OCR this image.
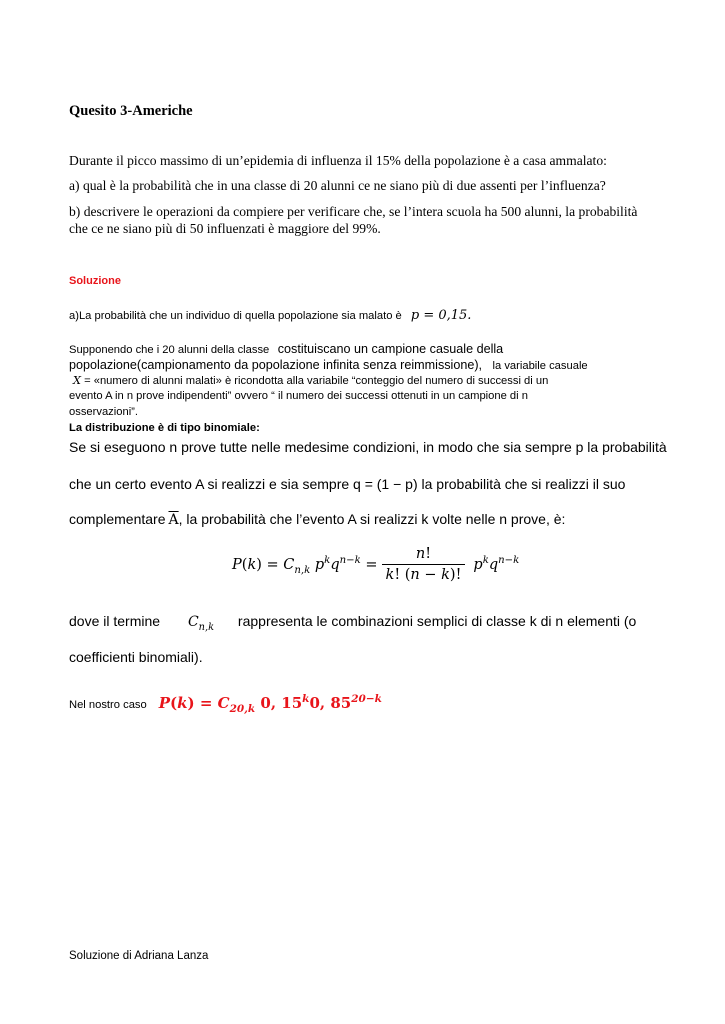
Quesito 3-Americhe
Durante il picco massimo di un’epidemia di influenza il 15% della popolazione è a casa ammalato:
a) qual è la probabilità che in una classe di 20 alunni ce ne siano più di due assenti per l’influenza?
b) descrivere le operazioni da compiere per verificare che, se l’intera scuola ha 500 alunni, la probabilità
che ce ne siano più di 50 influenzati è maggiore del 99%.
Soluzione
a)La probabilità che un individuo di quella popolazione sia malato è p = 0,15.
Supponendo che i 20 alunni della classe costituiscano un campione casuale della
popolazione(campionamento da popolazione infinita senza reimmissione), la variabile casuale
X = «numero di alunni malati» è ricondotta alla variabile “conteggio del numero di successi di un
evento A in n prove indipendenti” ovvero “ il numero dei successi ottenuti in un campione di n
osservazioni”.
La distribuzione è di tipo binomiale:
Se si eseguono n prove tutte nelle medesime condizioni, in modo che sia sempre p la probabilità
che un certo evento A si realizzi e sia sempre q = (1 − p) la probabilità che si realizzi il suo
complementare $\overline{A}$, la probabilità che l’evento A si realizzi k volte nelle n prove, è:
$P(k) = C_{n,k}$ $p^kq^{n-k} = \frac{n!}{k! (n - k)!} p^kq^{n-k}$
dove il termine $C_{n,k}$ rappresenta le combinazioni semplici di classe k di n elementi (o
coefficienti binomiali).
Nel nostro caso $P(k) = C_{20,k}$ 0, 15$^k$0, $85^{20-k}$
Soluzione di Adriana Lanza
